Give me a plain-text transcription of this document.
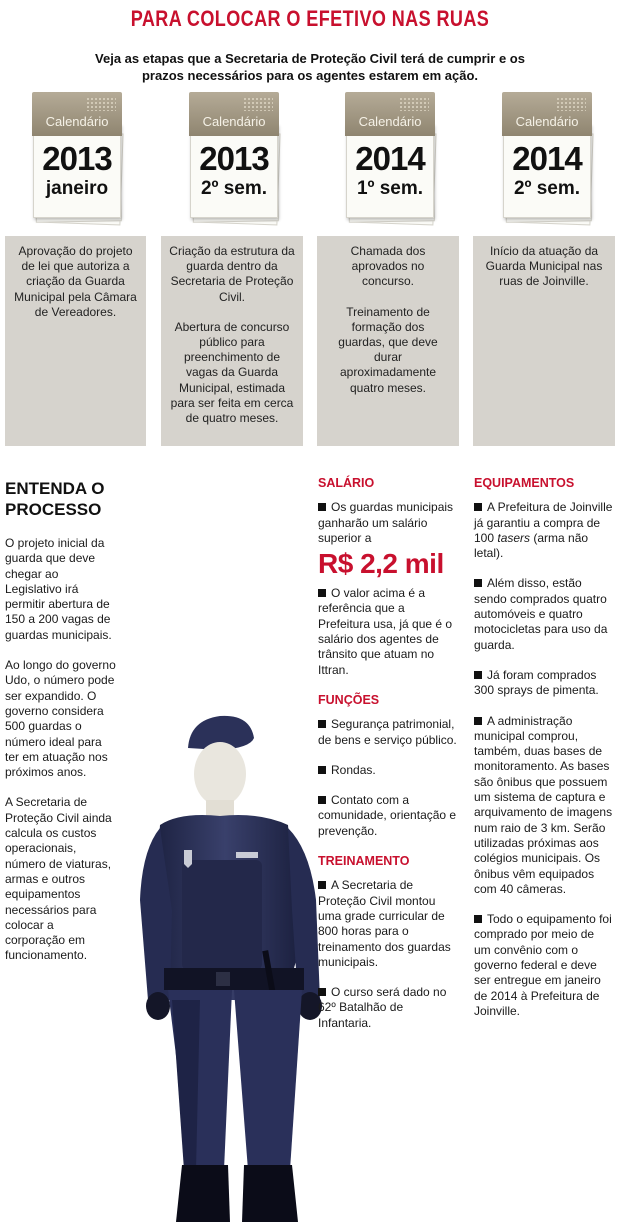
PARA COLOCAR O EFETIVO NAS RUAS
Veja as etapas que a Secretaria de Proteção Civil terá de cumprir e os prazos necessários para os agentes estarem em ação.
Calendário
2013
janeiro
Calendário
2013
2º sem.
Calendário
2014
1º sem.
Calendário
2014
2º sem.

Aprovação do projeto de lei que autoriza a criação da Guarda Municipal pela Câmara de Vereadores.

Criação da estrutura da guarda dentro da Secretaria de Proteção Civil.

Abertura de concurso público para preenchimento de vagas da Guarda Municipal, estimada para ser feita em cerca de quatro meses.

Chamada dos aprovados no concurso.

Treinamento de formação dos guardas, que deve durar aproximadamente quatro meses.

Início da atuação da Guarda Municipal nas ruas de Joinville.

ENTENDA O PROCESSO

O projeto inicial da guarda que deve chegar ao Legislativo irá permitir abertura de 150 a 200 vagas de guardas municipais.

Ao longo do governo Udo, o número pode ser expandido. O governo considera 500 guardas o número ideal para ter em atuação nos próximos anos.

A Secretaria de Proteção Civil ainda calcula os custos operacionais, número de viaturas, armas e outros equipamentos necessários para colocar a corporação em funcionamento.

SALÁRIO
Os guardas municipais ganharão um salário superior a
R$ 2,2 mil

O valor acima é a referência que a Prefeitura usa, já que é o salário dos agentes de trânsito que atuam no Ittran.

FUNÇÕES

Segurança patrimonial, de bens e serviço público.

Rondas.

Contato com a comunidade, orientação e prevenção.

TREINAMENTO

A Secretaria de Proteção Civil montou uma grade curricular de 800 horas para o treinamento dos guardas municipais.

O curso será dado no 62º Batalhão de Infantaria.

EQUIPAMENTOS

A Prefeitura de Joinville já garantiu a compra de 100 tasers (arma não letal).

Além disso, estão sendo comprados quatro automóveis e quatro motocicletas para uso da guarda.

Já foram comprados 300 sprays de pimenta.

A administração municipal comprou, também, duas bases de monitoramento. As bases são ônibus que possuem um sistema de captura e arquivamento de imagens num raio de 3 km. Serão utilizadas próximas aos colégios municipais. Os ônibus vêm equipados com 40 câmeras.

Todo o equipamento foi comprado por meio de um convênio com o governo federal e deve ser entregue em janeiro de 2014 à Prefeitura de Joinville.
